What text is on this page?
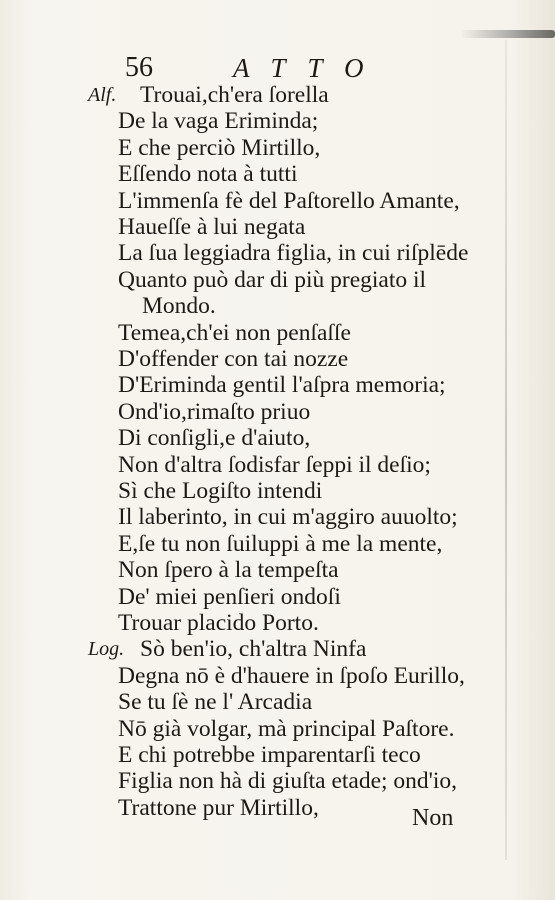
56	ATTO
Alf. Trouai,ch'era ſorella
De la vaga Eriminda;
E che perciò Mirtillo,
Eſſendo nota à tutti
L'immenſa fè del Paſtorello Amante,
Haueſſe à lui negata
La ſua leggiadra figlia, in cui riſplēde
Quanto può dar di più pregiato il
Mondo.
Temea,ch'ei non penſaſſe
D'offender con tai nozze
D'Eriminda gentil l'aſpra memoria;
Ond'io,rimaſto priuo
Di conſigli,e d'aiuto,
Non d'altra ſodisfar ſeppi il deſio;
Sì che Logiſto intendi
Il laberinto, in cui m'aggiro auuolto;
E,ſe tu non ſuiluppi à me la mente,
Non ſpero à la tempeſta
De' miei penſieri ondoſi
Trouar placido Porto.
Log. Sò ben'io, ch'altra Ninfa
Degna nō è d'hauere in ſpoſo Eurillo,
Se tu ſè ne l' Arcadia
Nō già volgar, mà principal Paſtore.
E chi potrebbe imparentarſi teco
Figlia non hà di giuſta etade; ond'io,
Trattone pur Mirtillo,	Non
